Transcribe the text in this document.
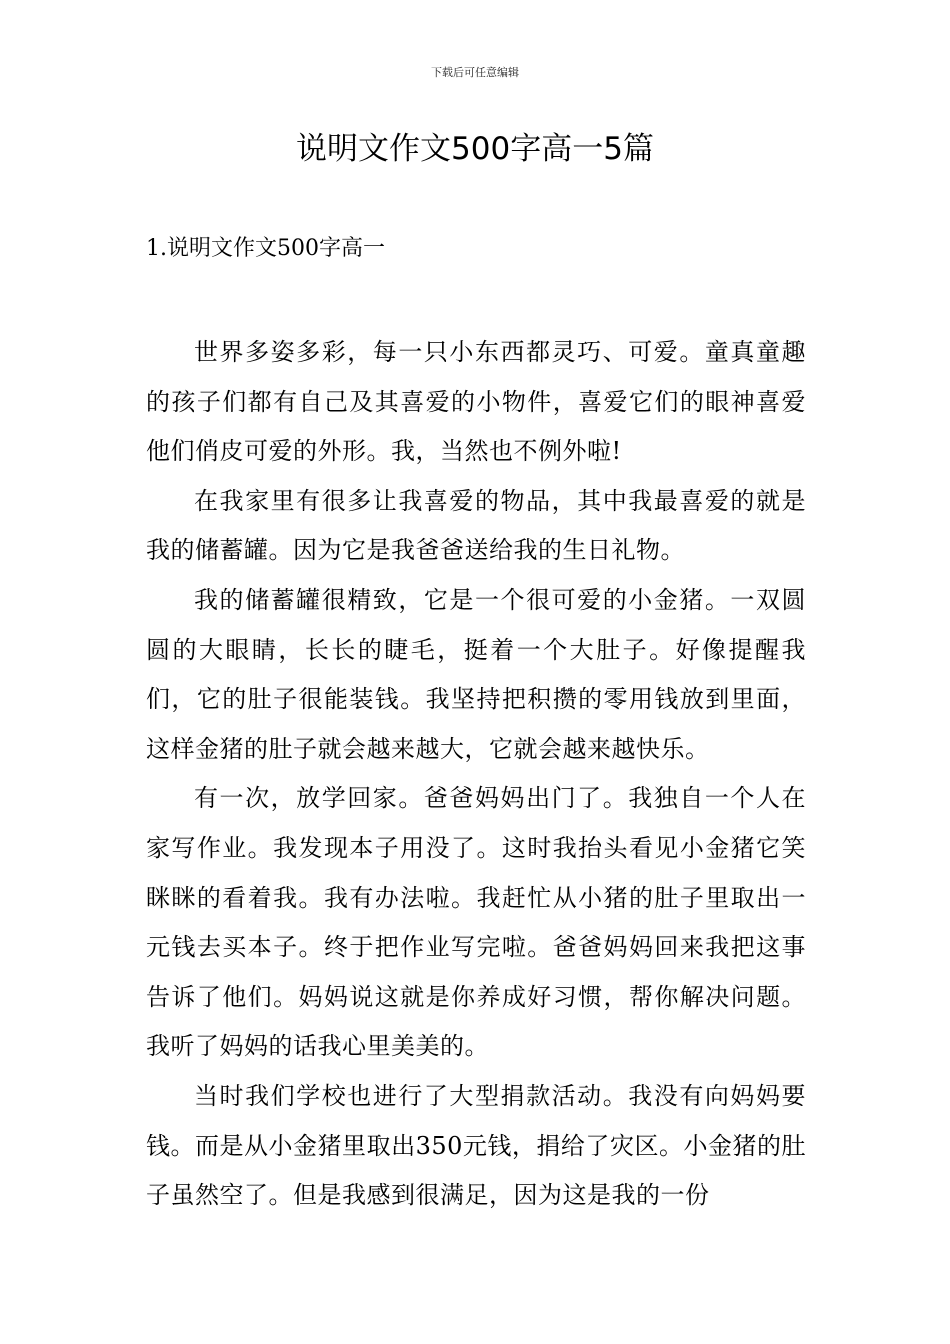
下载后可任意编辑
说明文作文500字高一5篇
1.说明文作文500字高一

世界多姿多彩，每一只小东西都灵巧、可爱。童真童趣的孩子们都有自己及其喜爱的小物件，喜爱它们的眼神喜爱他们俏皮可爱的外形。我，当然也不例外啦!

在我家里有很多让我喜爱的物品，其中我最喜爱的就是我的储蓄罐。因为它是我爸爸送给我的生日礼物。

我的储蓄罐很精致，它是一个很可爱的小金猪。一双圆圆的大眼睛，长长的睫毛，挺着一个大肚子。好像提醒我们，它的肚子很能装钱。我坚持把积攒的零用钱放到里面，这样金猪的肚子就会越来越大，它就会越来越快乐。

有一次，放学回家。爸爸妈妈出门了。我独自一个人在家写作业。我发现本子用没了。这时我抬头看见小金猪它笑眯眯的看着我。我有办法啦。我赶忙从小猪的肚子里取出一元钱去买本子。终于把作业写完啦。爸爸妈妈回来我把这事告诉了他们。妈妈说这就是你养成好习惯，帮你解决问题。我听了妈妈的话我心里美美的。

当时我们学校也进行了大型捐款活动。我没有向妈妈要钱。而是从小金猪里取出350元钱，捐给了灾区。小金猪的肚子虽然空了。但是我感到很满足，因为这是我的一份
